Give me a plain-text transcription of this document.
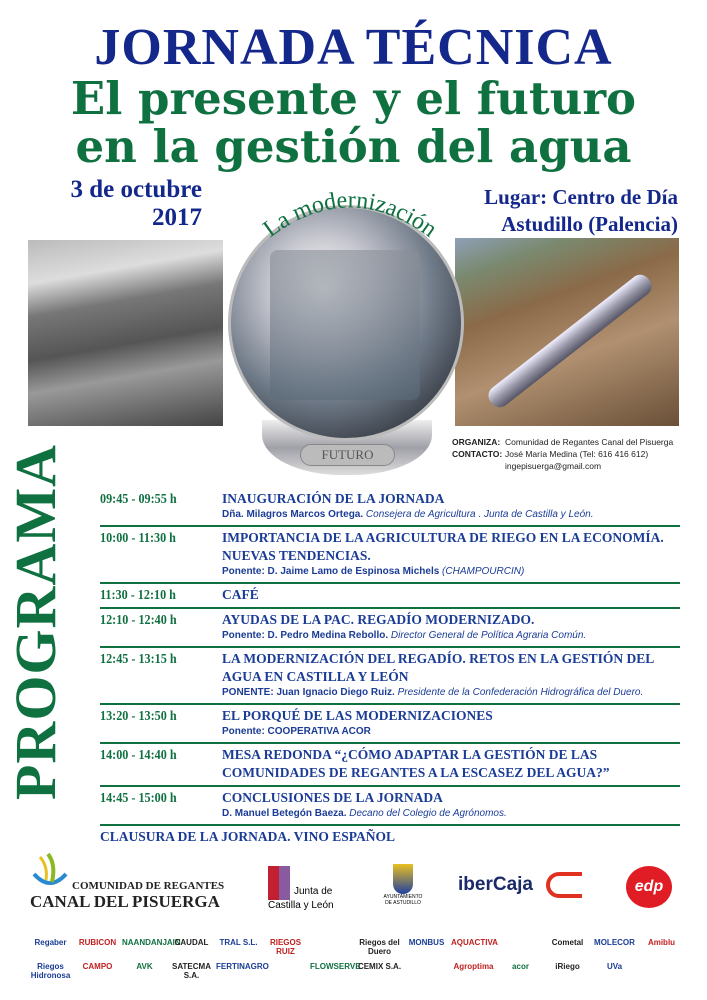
JORNADA TÉCNICA
El presente y el futuro
en la gestión del agua
3 de octubre
2017
Lugar: Centro de Día
Astudillo (Palencia)
FUTURO
La modernización
ORGANIZA: Comunidad de Regantes Canal del Pisuerga
CONTACTO: José María Medina (Tel: 616 416 612)
ingepisuerga@gmail.com
PROGRAMA 09:45 - 09:55 h	INAUGURACIÓN DE LA JORNADA
Dña. Milagros Marcos Ortega. Consejera de Agricultura . Junta de Castilla y León.
10:00 - 11:30 h	IMPORTANCIA DE LA AGRICULTURA DE RIEGO EN LA ECONOMÍA. NUEVAS TENDENCIAS.
Ponente: D. Jaime Lamo de Espinosa Michels (CHAMPOURCIN)
11:30 - 12:10 h	CAFÉ
12:10 - 12:40 h	AYUDAS DE LA PAC. REGADÍO MODERNIZADO.
Ponente: D. Pedro Medina Rebollo. Director General de Política Agraria Común.
12:45 - 13:15 h	LA MODERNIZACIÓN DEL REGADÍO. RETOS EN LA GESTIÓN DEL AGUA EN CASTILLA Y LEÓN
PONENTE: Juan Ignacio Diego Ruiz. Presidente de la Confederación Hidrográfica del Duero.
13:20 - 13:50 h	EL PORQUÉ DE LAS MODERNIZACIONES
Ponente: COOPERATIVA ACOR
14:00 - 14:40 h	MESA REDONDA “¿CÓMO ADAPTAR LA GESTIÓN DE LAS COMUNIDADES DE REGANTES A LA ESCASEZ DEL AGUA?”
14:45 - 15:00 h	CONCLUSIONES DE LA JORNADA
D. Manuel Betegón Baeza. Decano del Colegio de Agrónomos.
CLAUSURA DE LA JORNADA. VINO ESPAÑOL
COMUNIDAD DE REGANTES
CANAL DEL PISUERGA
Junta de
Castilla y León
AYUNTAMIENTO
DE ASTUDILLO
iberCaja	edp
Regaber	RUBICON NAANDANJAIN
CAUDAL	TRAL S.L.	RIEGOS RUIZ
Riegos del Duero
MONBUS AQUACTIVA	Cometal	MOLECOR	Amiblu
Riegos Hidronosa
CAMPO	AVK	SATECMA S.A.
FERTINAGRO	FLOWSERVE
CEMIX S.A.	Agroptima	acor	iRiego	UVa
